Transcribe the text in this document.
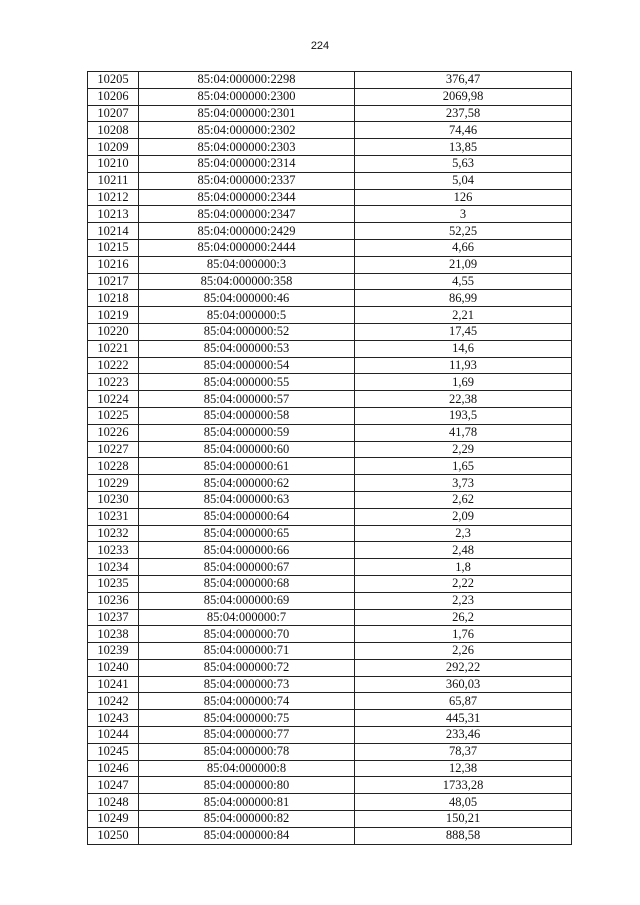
224
10205	85:04:000000:2298	376,47
10206	85:04:000000:2300	2069,98
10207	85:04:000000:2301	237,58
10208	85:04:000000:2302	74,46
10209	85:04:000000:2303	13,85
10210	85:04:000000:2314	5,63
10211	85:04:000000:2337	5,04
10212	85:04:000000:2344	126
10213	85:04:000000:2347	3
10214	85:04:000000:2429	52,25
10215	85:04:000000:2444	4,66
10216	85:04:000000:3	21,09
10217	85:04:000000:358	4,55
10218	85:04:000000:46	86,99
10219	85:04:000000:5	2,21
10220	85:04:000000:52	17,45
10221	85:04:000000:53	14,6
10222	85:04:000000:54	11,93
10223	85:04:000000:55	1,69
10224	85:04:000000:57	22,38
10225	85:04:000000:58	193,5
10226	85:04:000000:59	41,78
10227	85:04:000000:60	2,29
10228	85:04:000000:61	1,65
10229	85:04:000000:62	3,73
10230	85:04:000000:63	2,62
10231	85:04:000000:64	2,09
10232	85:04:000000:65	2,3
10233	85:04:000000:66	2,48
10234	85:04:000000:67	1,8
10235	85:04:000000:68	2,22
10236	85:04:000000:69	2,23
10237	85:04:000000:7	26,2
10238	85:04:000000:70	1,76
10239	85:04:000000:71	2,26
10240	85:04:000000:72	292,22
10241	85:04:000000:73	360,03
10242	85:04:000000:74	65,87
10243	85:04:000000:75	445,31
10244	85:04:000000:77	233,46
10245	85:04:000000:78	78,37
10246	85:04:000000:8	12,38
10247	85:04:000000:80	1733,28
10248	85:04:000000:81	48,05
10249	85:04:000000:82	150,21
10250	85:04:000000:84	888,58
